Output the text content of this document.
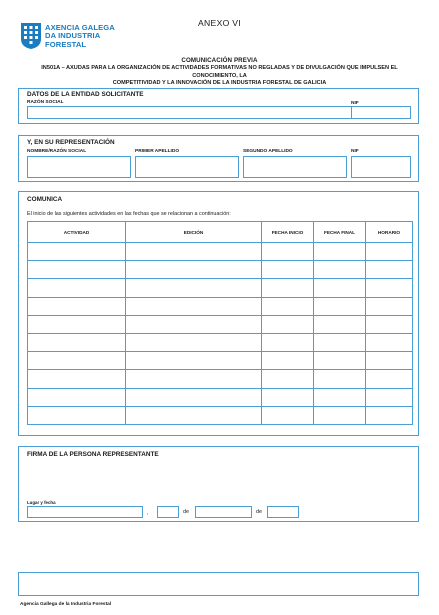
AXENCIA GALEGA
DA INDUSTRIA
FORESTAL
ANEXO VI
COMUNICACIÓN PREVIA
IN501A – AXUDAS PARA LA ORGANIZACIÓN DE ACTIVIDADES FORMATIVAS NO REGLADAS Y DE DIVULGACIÓN QUE IMPULSEN EL CONOCIMIENTO, LA
COMPETITIVIDAD Y LA INNOVACIÓN DE LA INDUSTRIA FORESTAL DE GALICIA
DATOS DE LA ENTIDAD SOLICITANTE
RAZÓN SOCIAL	NIF
Y, EN SU REPRESENTACIÓN
NOMBRE/RAZÓN SOCIAL	PRIMER APELLIDO	SEGUNDO APELLIDO	NIF
COMUNICA
El inicio de las siguientes actividades en las fechas que se relacionan a continuación:
ACTIVIDAD	EDICIÓN	FECHA INICIO	FECHA FINAL	HORARIO

FIRMA DE LA PERSONA REPRESENTANTE
Lugar y fecha
,	de	de
Agencia Gallega de la Industria Forestal
